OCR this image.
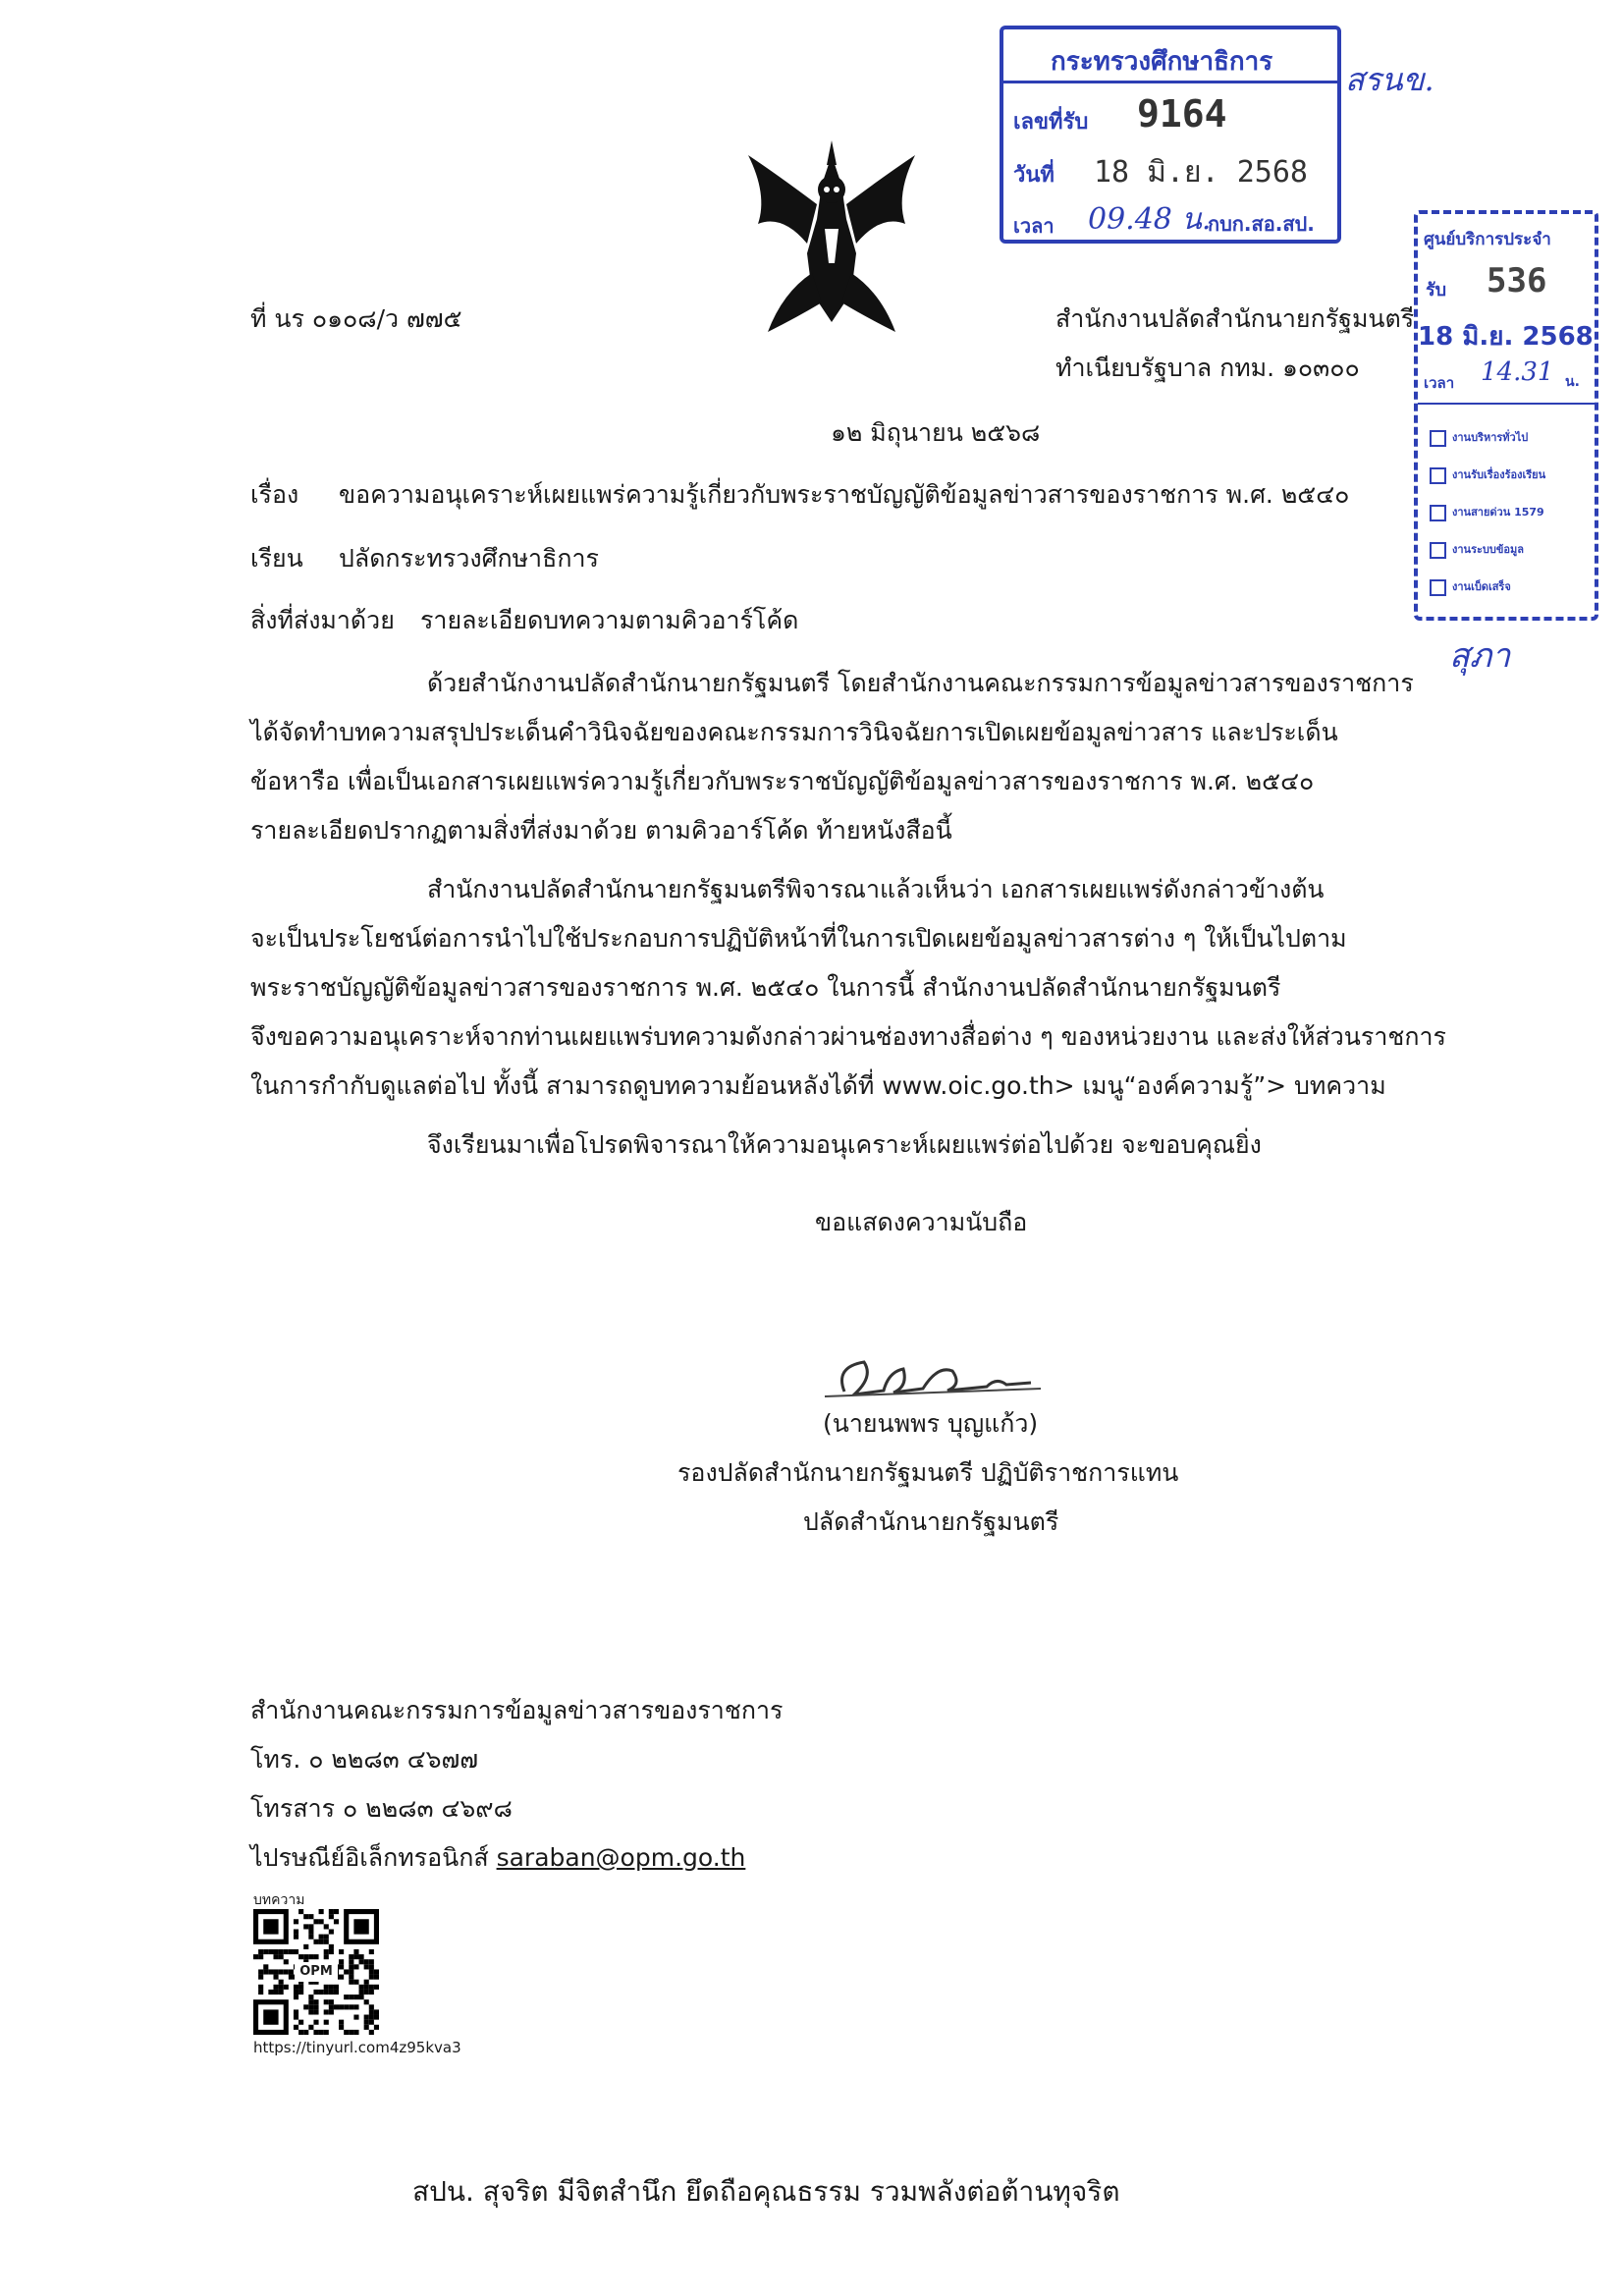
ที่ นร ๐๑๐๘/ว ๗๗๕	สำนักงานปลัดสำนักนายกรัฐมนตรี
ทำเนียบรัฐบาล กทม. ๑๐๓๐๐
๑๒ มิถุนายน ๒๕๖๘
เรื่อง ขอความอนุเคราะห์เผยแพร่ความรู้เกี่ยวกับพระราชบัญญัติข้อมูลข่าวสารของราชการ พ.ศ. ๒๕๔๐
เรียน ปลัดกระทรวงศึกษาธิการ
สิ่งที่ส่งมาด้วย รายละเอียดบทความตามคิวอาร์โค้ด
ด้วยสำนักงานปลัดสำนักนายกรัฐมนตรี โดยสำนักงานคณะกรรมการข้อมูลข่าวสารของราชการ
ได้จัดทำบทความสรุปประเด็นคำวินิจฉัยของคณะกรรมการวินิจฉัยการเปิดเผยข้อมูลข่าวสาร และประเด็น
ข้อหารือ เพื่อเป็นเอกสารเผยแพร่ความรู้เกี่ยวกับพระราชบัญญัติข้อมูลข่าวสารของราชการ พ.ศ. ๒๕๔๐
รายละเอียดปรากฏตามสิ่งที่ส่งมาด้วย ตามคิวอาร์โค้ด ท้ายหนังสือนี้
สำนักงานปลัดสำนักนายกรัฐมนตรีพิจารณาแล้วเห็นว่า เอกสารเผยแพร่ดังกล่าวข้างต้น
จะเป็นประโยชน์ต่อการนำไปใช้ประกอบการปฏิบัติหน้าที่ในการเปิดเผยข้อมูลข่าวสารต่าง ๆ ให้เป็นไปตาม
พระราชบัญญัติข้อมูลข่าวสารของราชการ พ.ศ. ๒๕๔๐ ในการนี้ สำนักงานปลัดสำนักนายกรัฐมนตรี
จึงขอความอนุเคราะห์จากท่านเผยแพร่บทความดังกล่าวผ่านช่องทางสื่อต่าง ๆ ของหน่วยงาน และส่งให้ส่วนราชการ
ในการกำกับดูแลต่อไป ทั้งนี้ สามารถดูบทความย้อนหลังได้ที่ www.oic.go.th> เมนู“องค์ความรู้”> บทความ
จึงเรียนมาเพื่อโปรดพิจารณาให้ความอนุเคราะห์เผยแพร่ต่อไปด้วย จะขอบคุณยิ่ง
ขอแสดงความนับถือ
(นายนพพร บุญแก้ว)
รองปลัดสำนักนายกรัฐมนตรี ปฏิบัติราชการแทน
ปลัดสำนักนายกรัฐมนตรี
สำนักงานคณะกรรมการข้อมูลข่าวสารของราชการ
โทร. ๐ ๒๒๘๓ ๔๖๗๗
โทรสาร ๐ ๒๒๘๓ ๔๖๙๘
ไปรษณีย์อิเล็กทรอนิกส์ saraban@opm.go.th
บทความ
OPM
https://tinyurl.com4z95kva3
สปน. สุจริต มีจิตสำนึก ยึดถือคุณธรรม รวมพลังต่อต้านทุจริต
กระทรวงศึกษาธิการ
เลขที่รับ 9164
วันที่ 18 มิ.ย. 2568
เวลา 09.48 น.
กบก.สอ.สป.
สรนข.
ศูนย์บริการประจำ
รับ 536
18 มิ.ย. 2568
เวลา 14.31 น.
งานบริหารทั่วไป
งานรับเรื่องร้องเรียน
งานสายด่วน 1579
งานระบบข้อมูล
งานเบ็ดเสร็จ
สุภา
